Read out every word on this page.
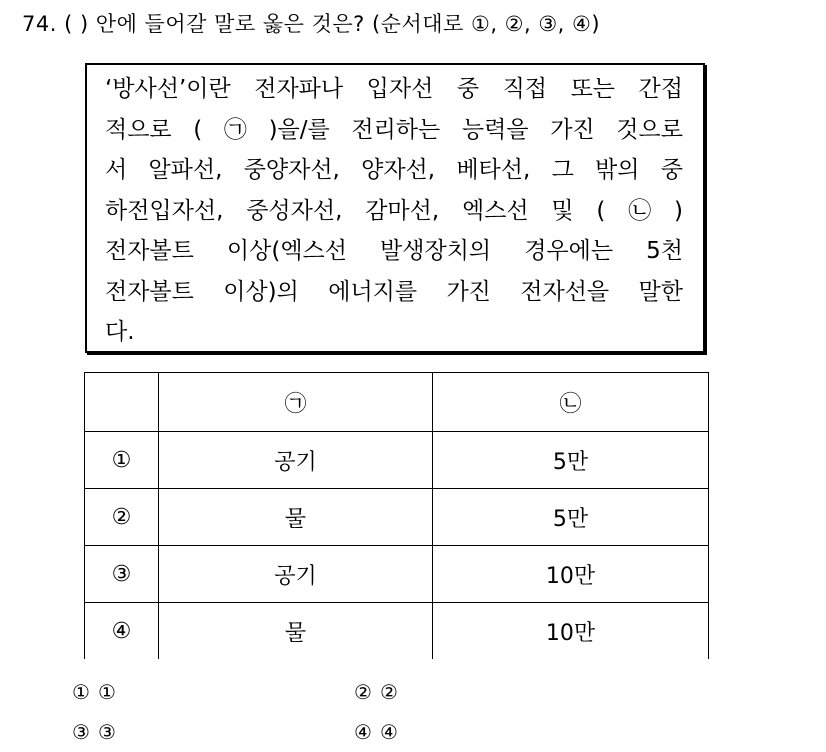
74. ( ) 안에 들어갈 말로 옳은 것은? (순서대로 ①, ②, ③, ④)
‘방사선’이란 전자파나 입자선 중 직접 또는 간접
적으로 ( ㉠ )을/를 전리하는 능력을 가진 것으로
서 알파선, 중양자선, 양자선, 베타선, 그 밖의 중
하전입자선, 중성자선, 감마선, 엑스선 및 ( ㉡ )
전자볼트 이상(엑스선 발생장치의 경우에는 5천
전자볼트 이상)의 에너지를 가진 전자선을 말한
다.
	㉠	㉡
①	공기	5만
②	물	5만
③	공기	10만
④	물	10만
① ①	② ②
③ ③	④ ④
